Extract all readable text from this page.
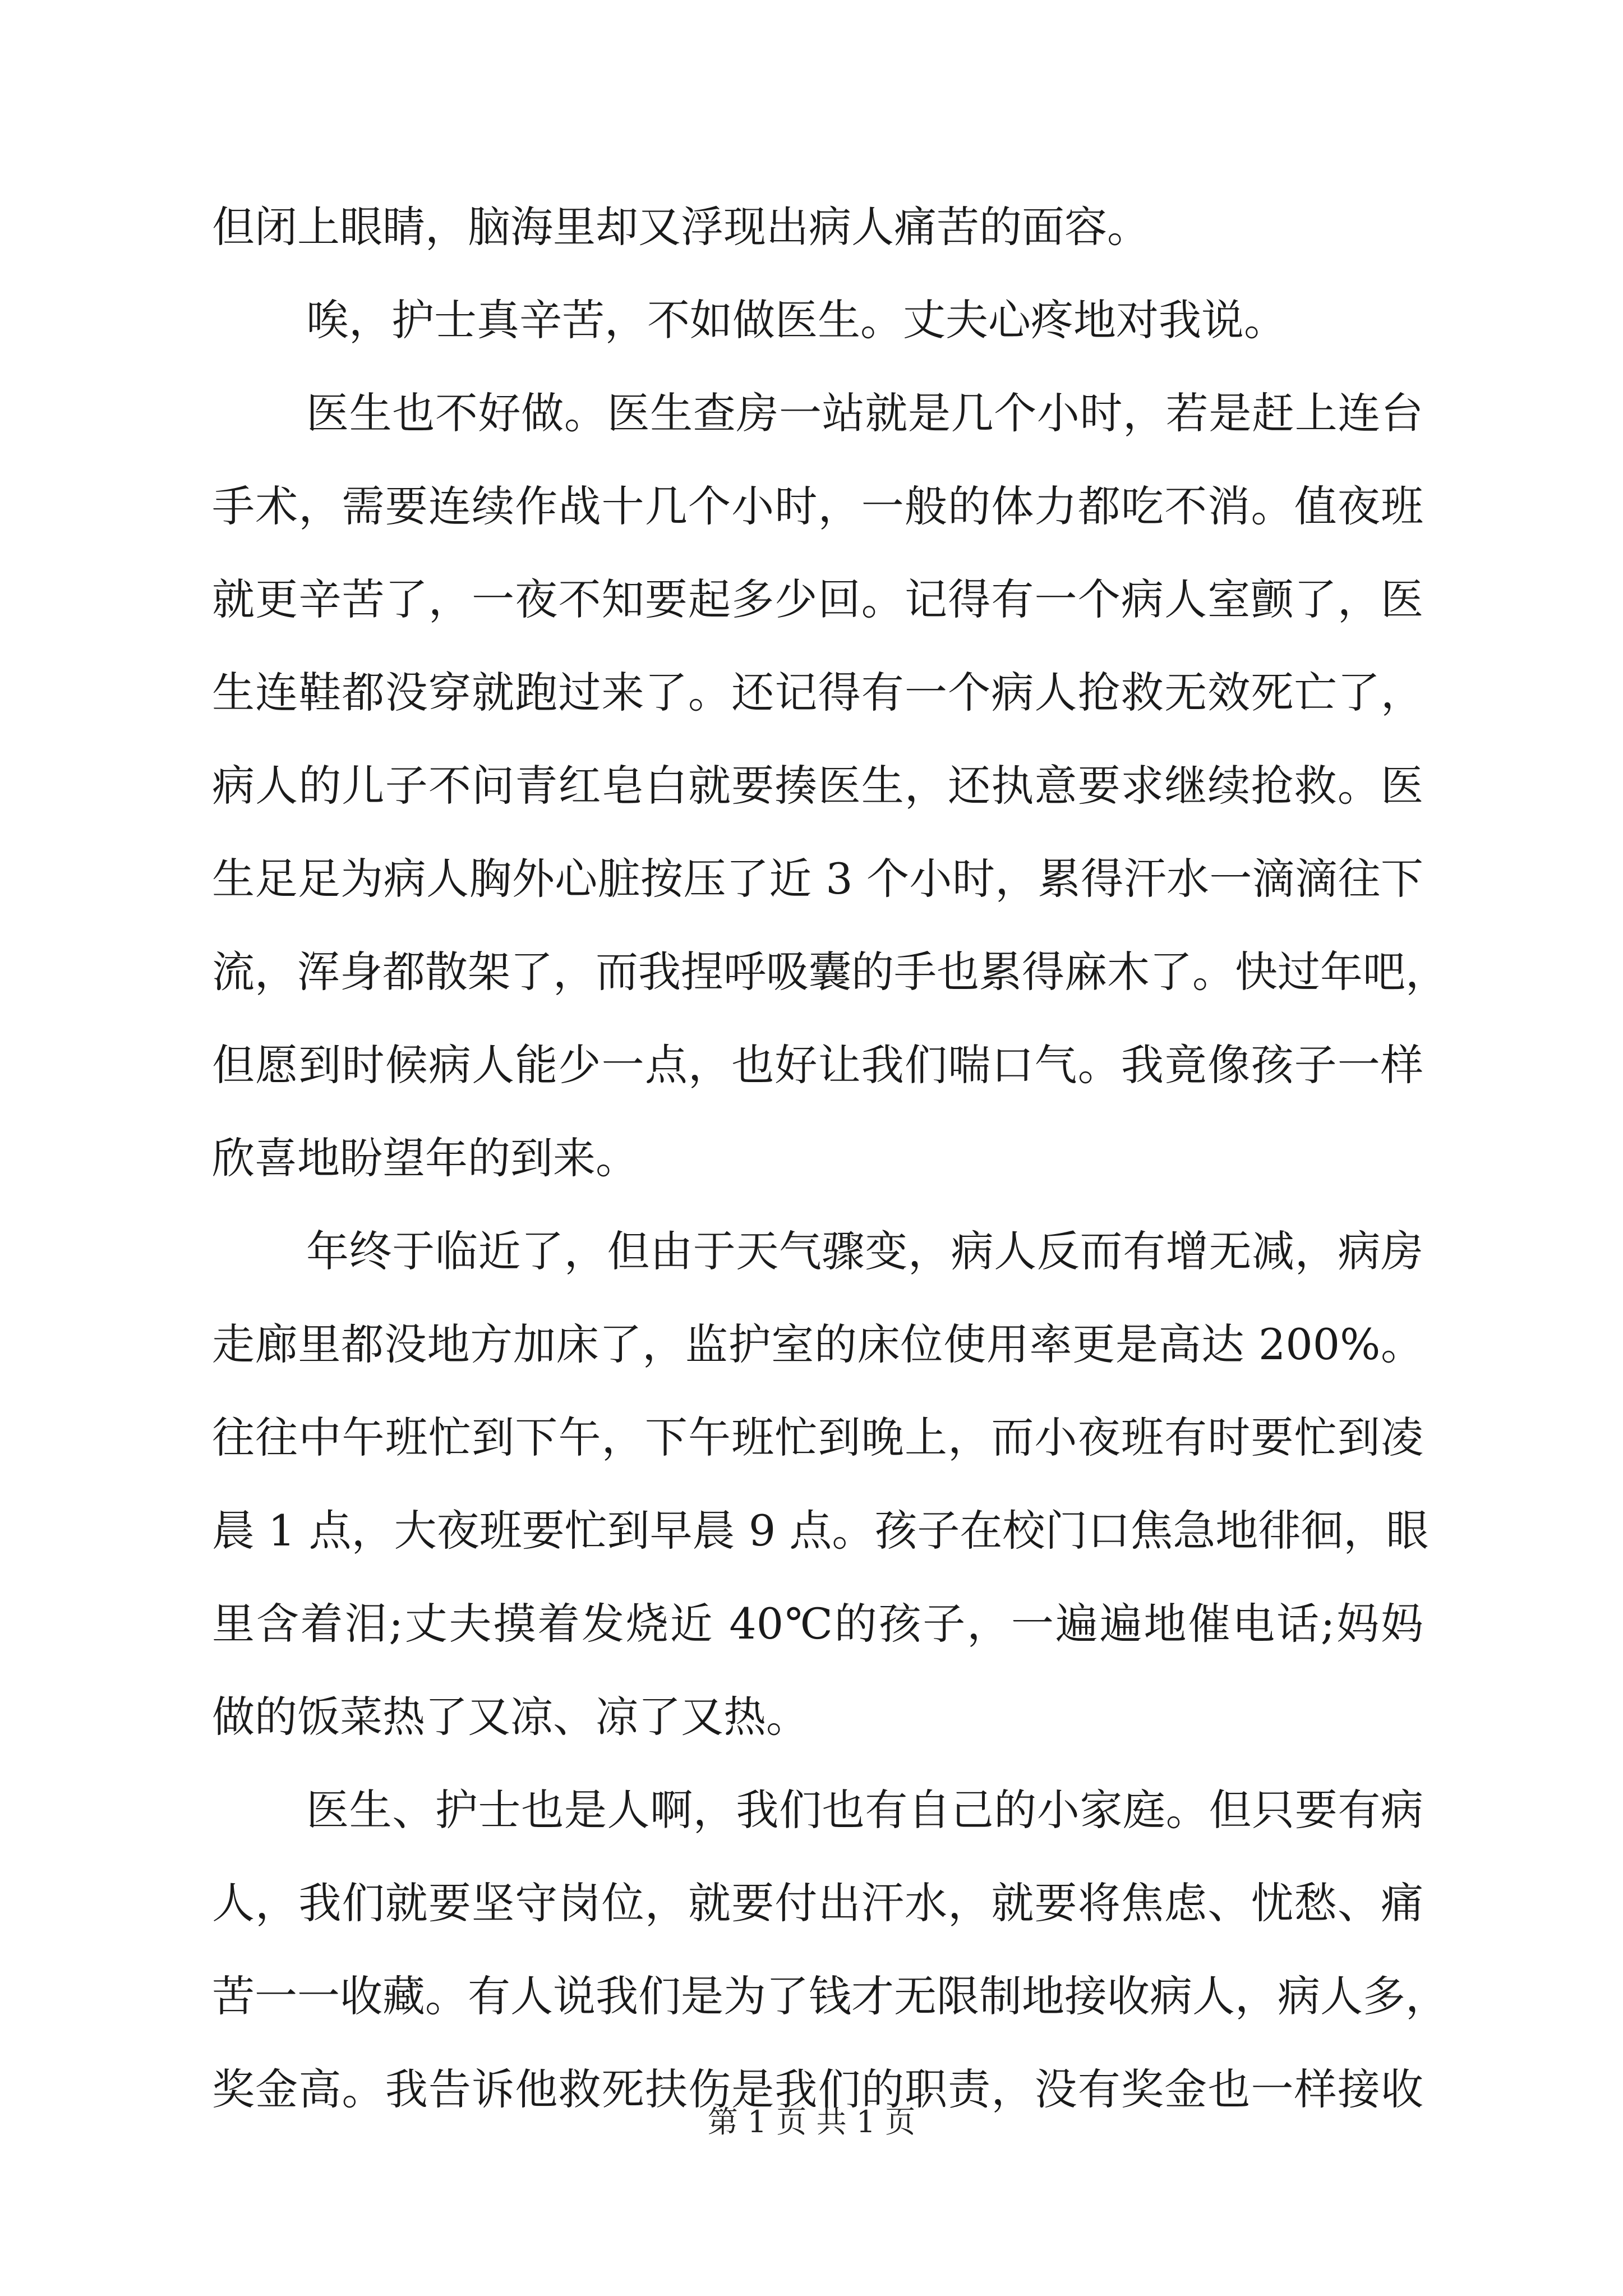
但闭上眼睛，脑海里却又浮现出病人痛苦的面容。
唉，护士真辛苦，不如做医生。丈夫心疼地对我说。
医生也不好做。医生查房一站就是几个小时，若是赶上连台
手术，需要连续作战十几个小时，一般的体力都吃不消。值夜班
就更辛苦了，一夜不知要起多少回。记得有一个病人室颤了，医
生连鞋都没穿就跑过来了。还记得有一个病人抢救无效死亡了，
病人的儿子不问青红皂白就要揍医生，还执意要求继续抢救。医
生足足为病人胸外心脏按压了近 3 个小时，累得汗水一滴滴往下
流，浑身都散架了，而我捏呼吸囊的手也累得麻木了。快过年吧，
但愿到时候病人能少一点，也好让我们喘口气。我竟像孩子一样
欣喜地盼望年的到来。
年终于临近了，但由于天气骤变，病人反而有增无减，病房
走廊里都没地方加床了，监护室的床位使用率更是高达 200%。
往往中午班忙到下午，下午班忙到晚上，而小夜班有时要忙到凌
晨 1 点，大夜班要忙到早晨 9 点。孩子在校门口焦急地徘徊，眼
里含着泪;丈夫摸着发烧近 40℃的孩子，一遍遍地催电话;妈妈
做的饭菜热了又凉、凉了又热。
医生、护士也是人啊，我们也有自己的小家庭。但只要有病
人，我们就要坚守岗位，就要付出汗水，就要将焦虑、忧愁、痛
苦一一收藏。有人说我们是为了钱才无限制地接收病人，病人多，
奖金高。我告诉他救死扶伤是我们的职责，没有奖金也一样接收
第 1 页 共 1 页
